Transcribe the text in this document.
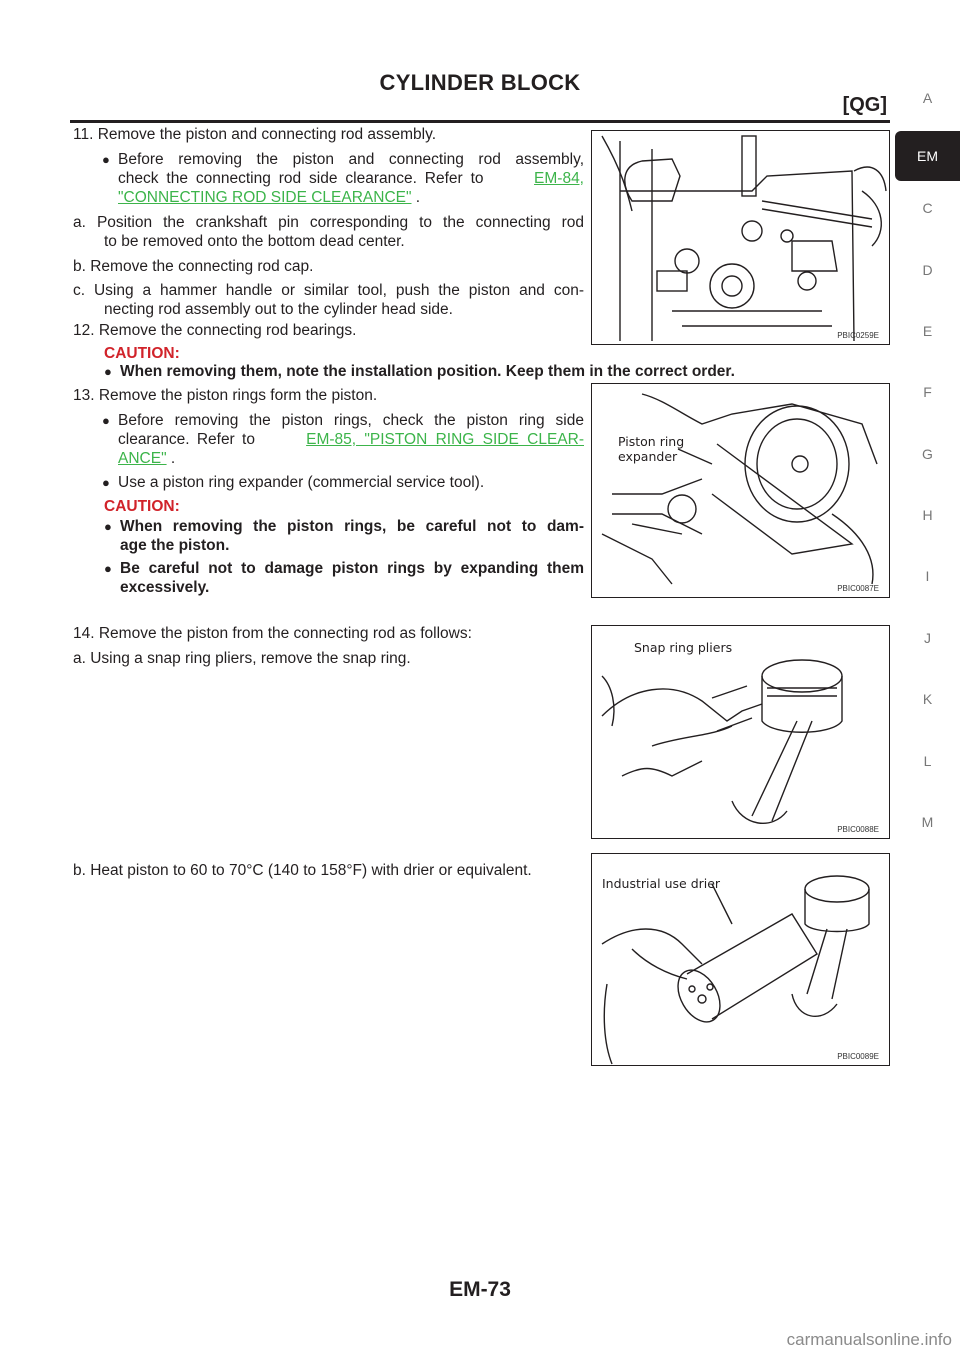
CYLINDER BLOCK
[QG]	A
EM
C
D
E
F
G
H
I
J
K
L
M
11. Remove the piston and connecting rod assembly.
● Before removing the piston and connecting rod assembly,
check the connecting rod side clearance. Refer to	EM-84,
"CONNECTING ROD SIDE CLEARANCE" .
a. Position the crankshaft pin corresponding to the connecting rod
to be removed onto the bottom dead center.
b. Remove the connecting rod cap.
c. Using a hammer handle or similar tool, push the piston and con-
necting rod assembly out to the cylinder head side.
12. Remove the connecting rod bearings.
CAUTION:
● When removing them, note the installation position. Keep them in the correct order.
13. Remove the piston rings form the piston.
● Before removing the piston rings, check the piston ring side
clearance. Refer to	EM-85, "PISTON RING SIDE CLEAR-
ANCE" .
● Use a piston ring expander (commercial service tool).
CAUTION:
● When removing the piston rings, be careful not to dam-
age the piston.
● Be careful not to damage piston rings by expanding them
excessively.
14. Remove the piston from the connecting rod as follows:
a. Using a snap ring pliers, remove the snap ring.
b. Heat piston to 60 to 70°C (140 to 158°F) with drier or equivalent.
PBIC0259E
Piston ring
expander
PBIC0087E
Snap ring pliers
PBIC0088E
Industrial use drier
PBIC0089E
EM-73
carmanualsonline.info
